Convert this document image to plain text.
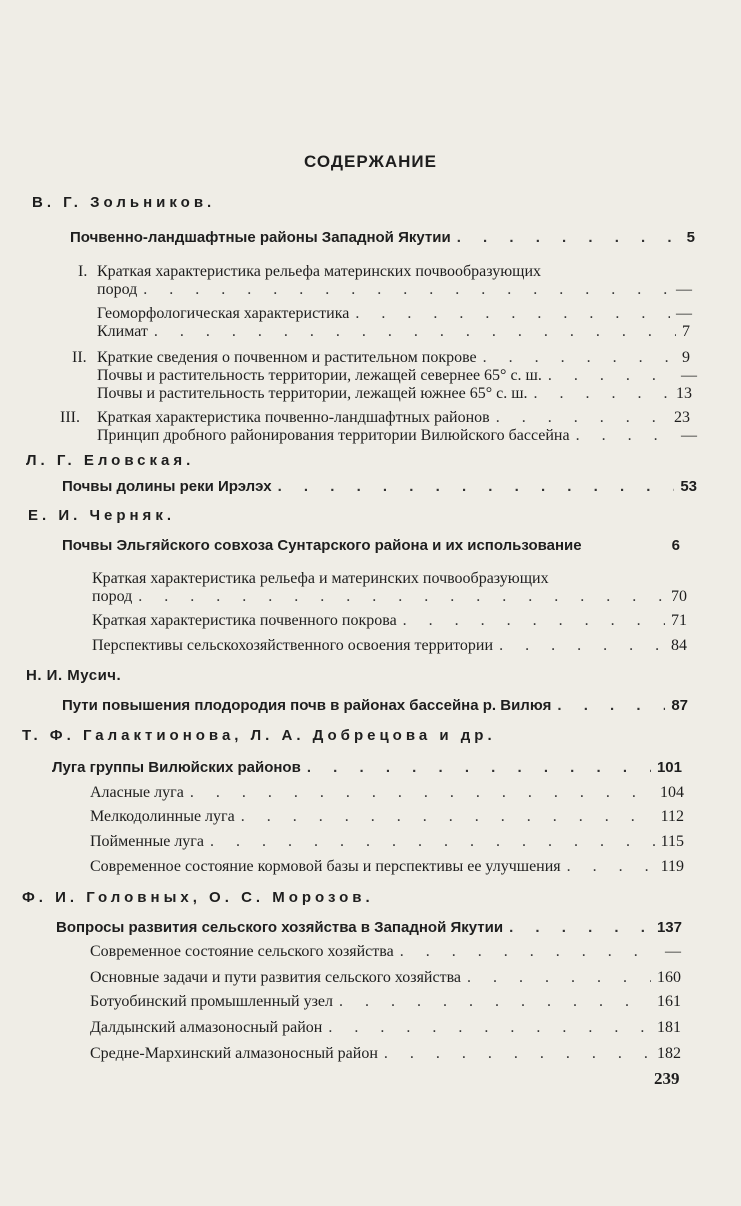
СОДЕРЖАНИЕ
В. Г. Зольников.
Почвенно-ландшафтные районы Западной Якутии . . .	5
I. Краткая характеристика рельефа материнских почвообразующих
пород . . .	—
Геоморфологическая характеристика . . .	—
Климат . . .	7
II. Краткие сведения о почвенном и растительном покрове . . .	9
Почвы и растительность территории, лежащей севернее 65° с. ш. . . .	—
Почвы и растительность территории, лежащей южнее 65° с. ш. . . .	13
III. Краткая характеристика почвенно-ландшафтных районов . . .	23
Принцип дробного районирования территории Вилюйского бассейна . . .	—
Л. Г. Еловская.
Почвы долины реки Ирэлэх . . .	53
Е. И. Черняк.
Почвы Эльгяйского совхоза Сунтарского района и их использование	6
Краткая характеристика рельефа и материнских почвообразующих
пород . . .	70
Краткая характеристика почвенного покрова . . .	71
Перспективы сельскохозяйственного освоения территории . . .	84
Н. И. Мусич.
Пути повышения плодородия почв в районах бассейна р. Вилюя . . .	87
Т. Ф. Галактионова, Л. А. Добрецова и др.
Луга группы Вилюйских районов . . .	101
Аласные луга . . .	104
Мелкодолинные луга . . .	112
Пойменные луга . . .	115
Современное состояние кормовой базы и перспективы ее улучшения . . .	119
Ф. И. Головных, О. С. Морозов.
Вопросы развития сельского хозяйства в Западной Якутии . . .	137
Современное состояние сельского хозяйства . . .	—
Основные задачи и пути развития сельского хозяйства . . .	160
Ботуобинский промышленный узел . . .	161
Далдынский алмазоносный район . . .	181
Средне-Мархинский алмазоносный район . . .	182
239
